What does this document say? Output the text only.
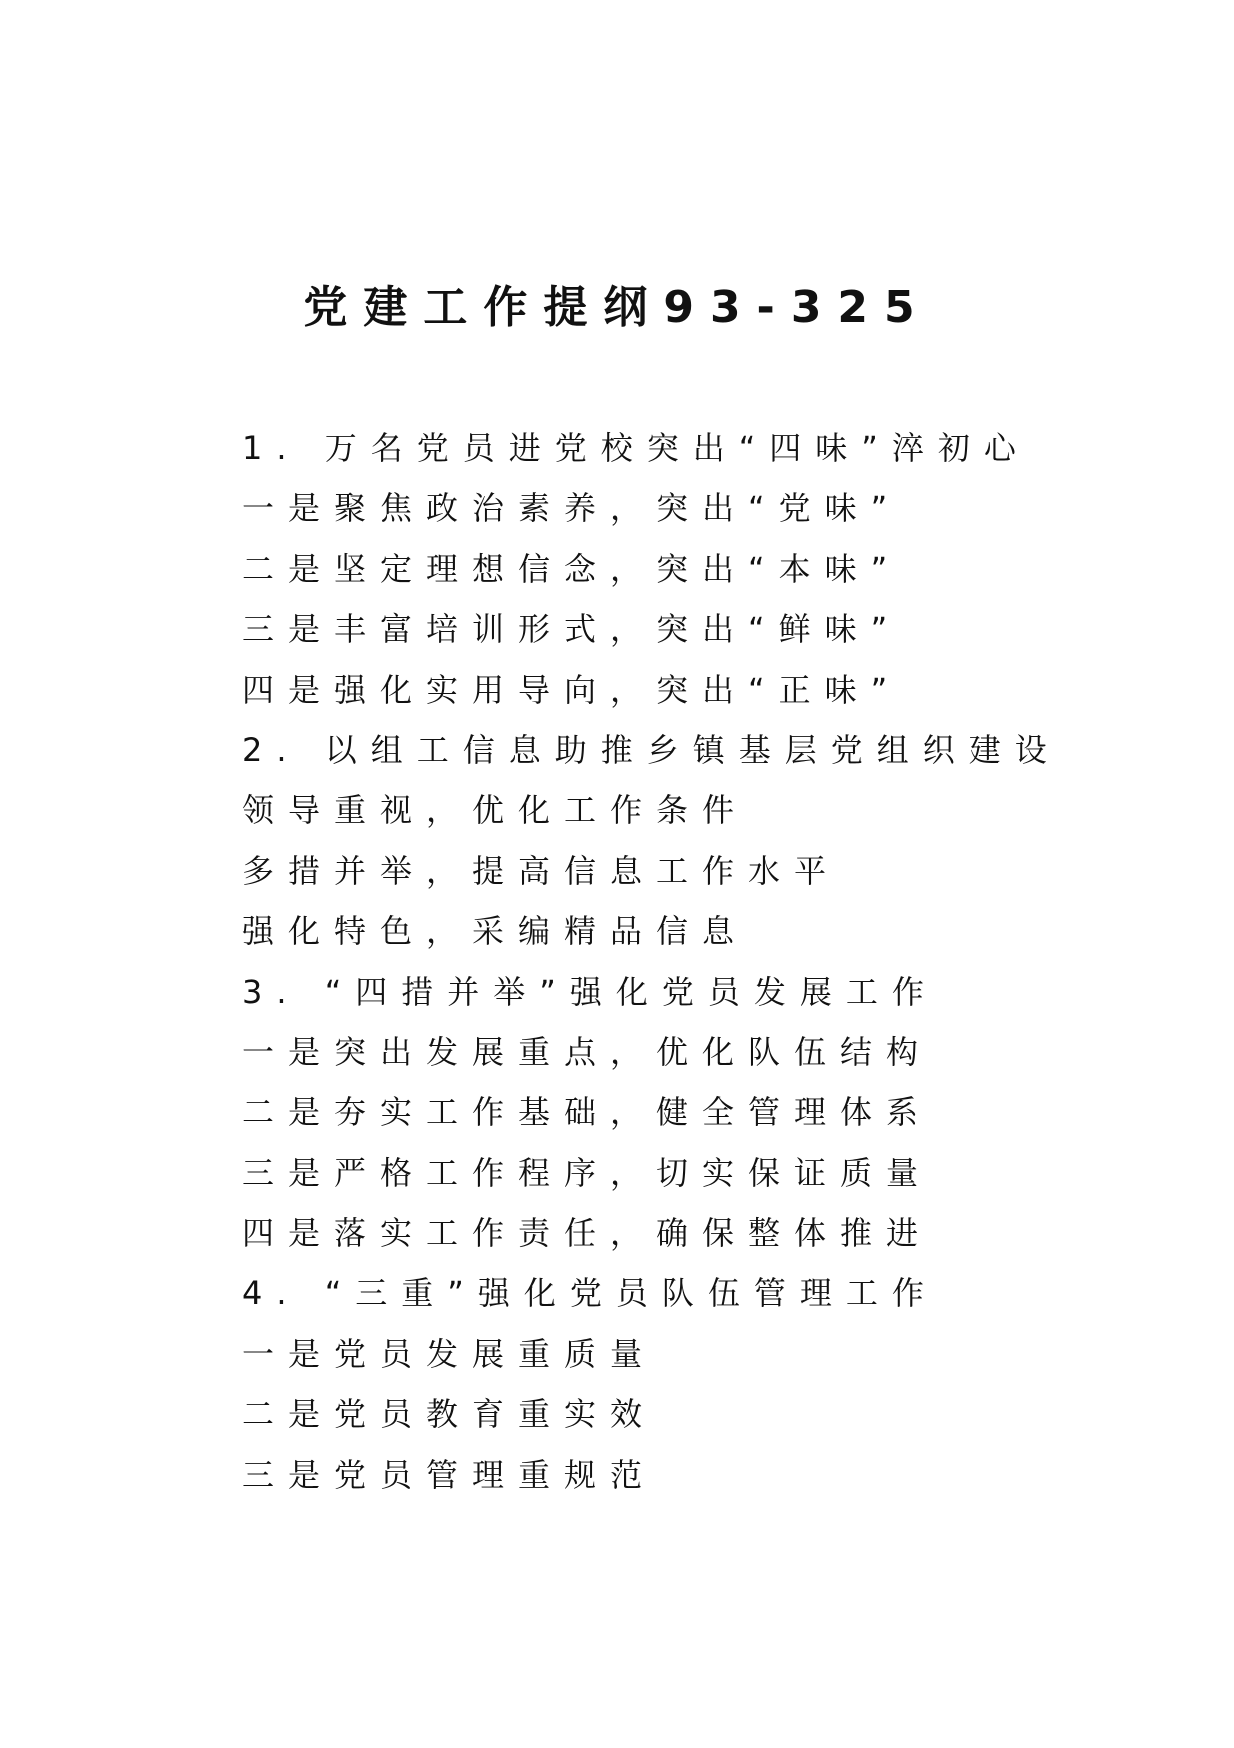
党建工作提纲93-325
1. 万名党员进党校突出“四味”淬初心
一是聚焦政治素养，突出“党味”
二是坚定理想信念，突出“本味”
三是丰富培训形式，突出“鲜味”
四是强化实用导向，突出“正味”
2. 以组工信息助推乡镇基层党组织建设
领导重视，优化工作条件
多措并举，提高信息工作水平
强化特色，采编精品信息
3. “四措并举”强化党员发展工作
一是突出发展重点，优化队伍结构
二是夯实工作基础，健全管理体系
三是严格工作程序，切实保证质量
四是落实工作责任，确保整体推进
4. “三重”强化党员队伍管理工作
一是党员发展重质量
二是党员教育重实效
三是党员管理重规范
